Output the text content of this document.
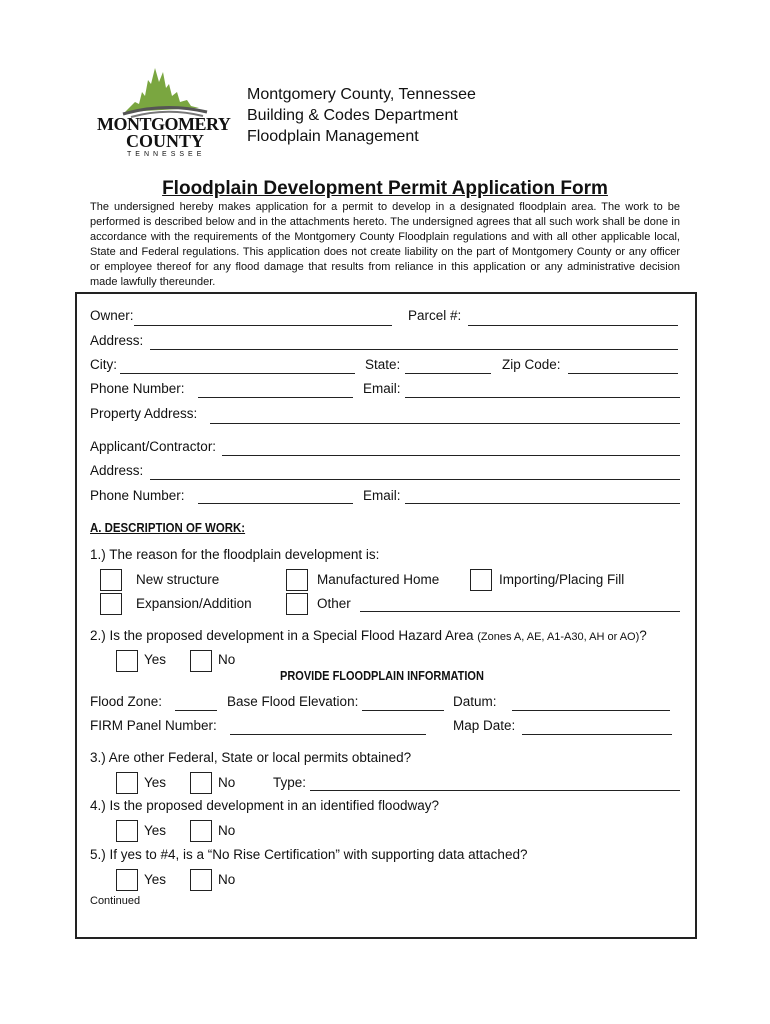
MONTGOMERY
COUNTY
TENNESSEE
Montgomery County, Tennessee
Building & Codes Department
Floodplain Management
Floodplain Development Permit Application Form
The undersigned hereby makes application for a permit to develop in a designated floodplain area. The work to be performed is described below and in the attachments hereto. The undersigned agrees that all such work shall be done in accordance with the requirements of the Montgomery County Floodplain regulations and with all other applicable local, State and Federal regulations. This application does not create liability on the part of Montgomery County or any officer or employee thereof for any flood damage that results from reliance in this application or any administrative decision made lawfully thereunder.
Owner:	Parcel #:
Address:
City:	State:	Zip Code:
Phone Number:	Email:
Property Address:
Applicant/Contractor:
Address:
Phone Number:	Email:
A. DESCRIPTION OF WORK:
1.) The reason for the floodplain development is:
New structure	Manufactured Home	Importing/Placing Fill
Expansion/Addition	Other
2.) Is the proposed development in a Special Flood Hazard Area (Zones A, AE, A1-A30, AH or AO)?
Yes	No
PROVIDE FLOODPLAIN INFORMATION
Flood Zone:	Base Flood Elevation:	Datum:
FIRM Panel Number:	Map Date:
3.) Are other Federal, State or local permits obtained?
Yes	No	Type:
4.) Is the proposed development in an identified floodway?
Yes	No
5.) If yes to #4, is a “No Rise Certification” with supporting data attached?
Yes	No
Continued
